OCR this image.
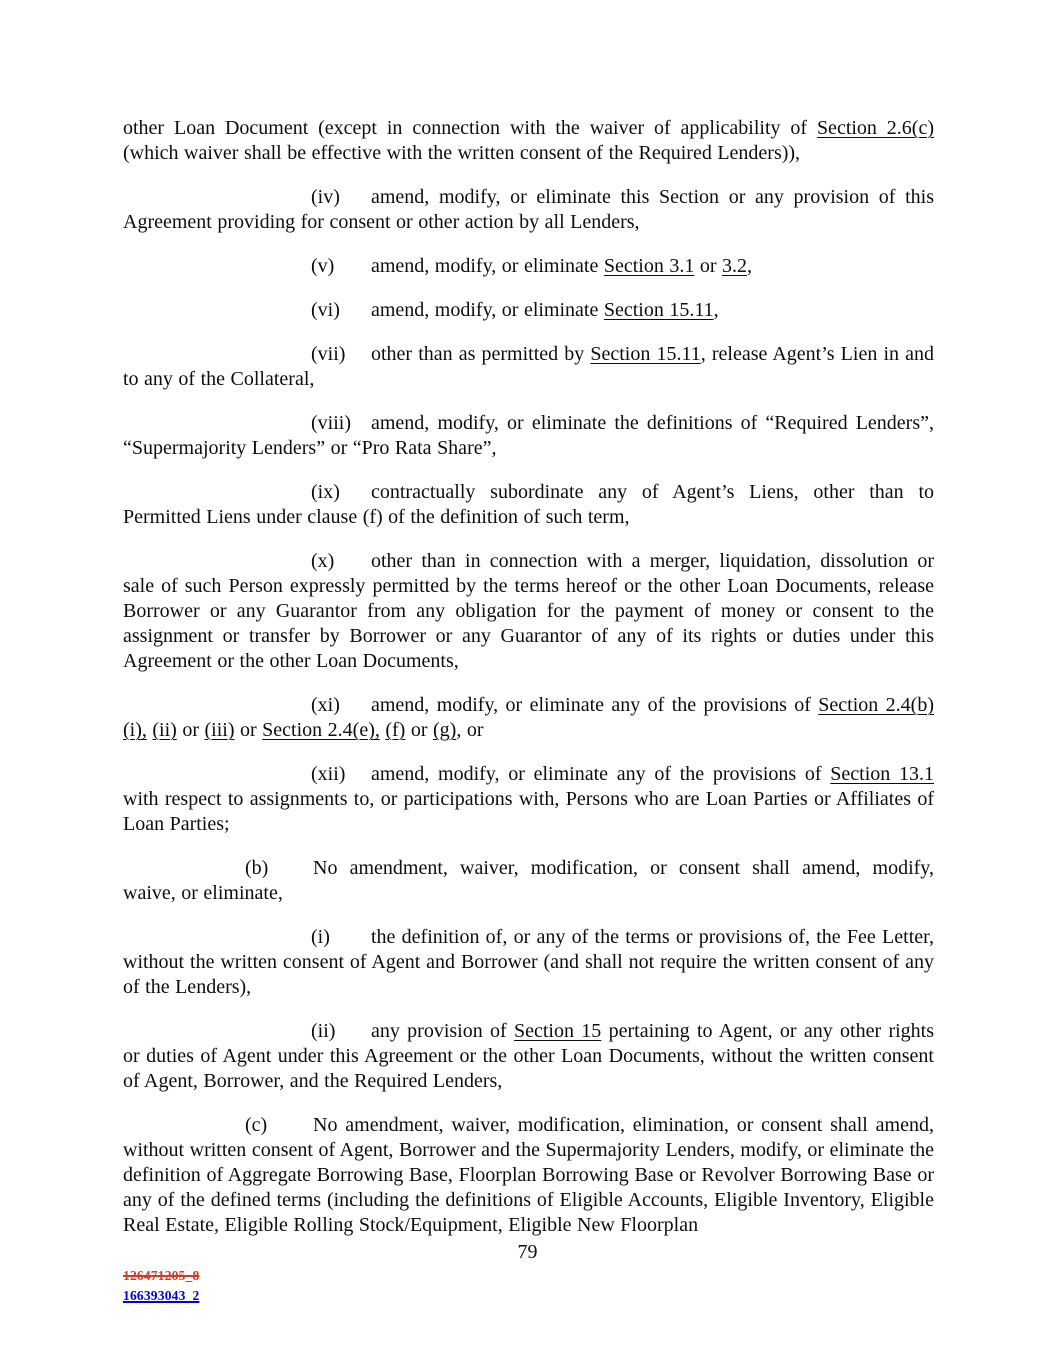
other Loan Document (except in connection with the waiver of applicability of Section 2.6(c) (which waiver shall be effective with the written consent of the Required Lenders)),

(iv) amend, modify, or eliminate this Section or any provision of this Agreement providing for consent or other action by all Lenders,

(v) amend, modify, or eliminate Section 3.1 or 3.2,

(vi) amend, modify, or eliminate Section 15.11,

(vii) other than as permitted by Section 15.11, release Agent’s Lien in and to any of the Collateral,

(viii) amend, modify, or eliminate the definitions of “Required Lenders”, “Supermajority Lenders” or “Pro Rata Share”,

(ix) contractually subordinate any of Agent’s Liens, other than to Permitted Liens under clause (f) of the definition of such term,

(x) other than in connection with a merger, liquidation, dissolution or sale of such Person expressly permitted by the terms hereof or the other Loan Documents, release Borrower or any Guarantor from any obligation for the payment of money or consent to the assignment or transfer by Borrower or any Guarantor of any of its rights or duties under this Agreement or the other Loan Documents,

(xi) amend, modify, or eliminate any of the provisions of Section 2.4(b)(i), (ii) or (iii) or Section 2.4(e), (f) or (g), or

(xii) amend, modify, or eliminate any of the provisions of Section 13.1 with respect to assignments to, or participations with, Persons who are Loan Parties or Affiliates of Loan Parties;

(b) No amendment, waiver, modification, or consent shall amend, modify, waive, or eliminate,

(i) the definition of, or any of the terms or provisions of, the Fee Letter, without the written consent of Agent and Borrower (and shall not require the written consent of any of the Lenders),

(ii) any provision of Section 15 pertaining to Agent, or any other rights or duties of Agent under this Agreement or the other Loan Documents, without the written consent of Agent, Borrower, and the Required Lenders,

(c) No amendment, waiver, modification, elimination, or consent shall amend, without written consent of Agent, Borrower and the Supermajority Lenders, modify, or eliminate the definition of Aggregate Borrowing Base, Floorplan Borrowing Base or Revolver Borrowing Base or any of the defined terms (including the definitions of Eligible Accounts, Eligible Inventory, Eligible Real Estate, Eligible Rolling Stock/Equipment, Eligible New Floorplan

79
126471205_8
166393043_2
